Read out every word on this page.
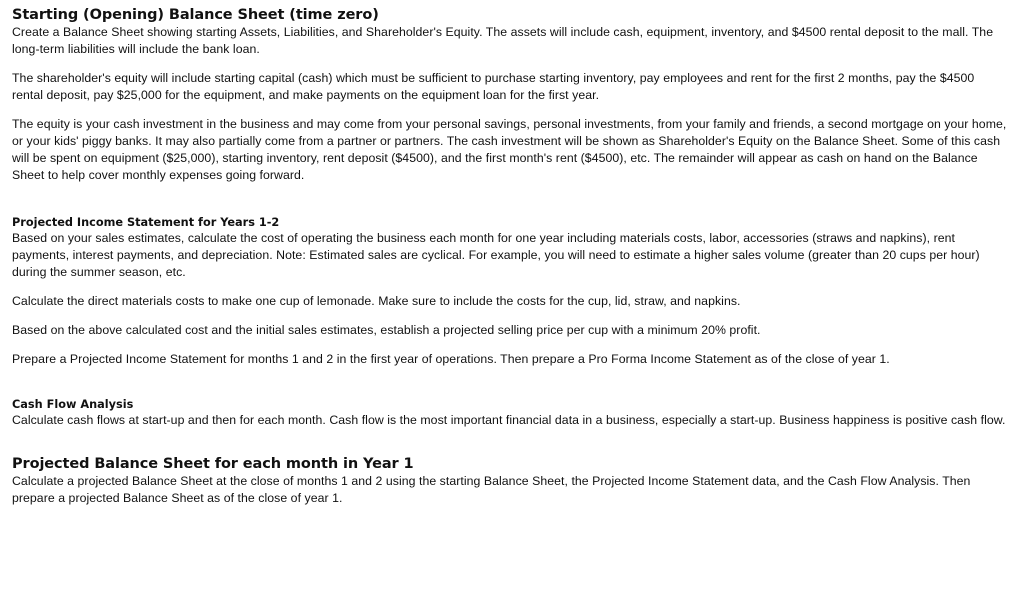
Starting (Opening) Balance Sheet (time zero)

Create a Balance Sheet showing starting Assets, Liabilities, and Shareholder's Equity. The assets will include cash, equipment, inventory, and $4500 rental deposit to the mall. The long-term liabilities will include the bank loan.

The shareholder's equity will include starting capital (cash) which must be sufficient to purchase starting inventory, pay employees and rent for the first 2 months, pay the $4500 rental deposit, pay $25,000 for the equipment, and make payments on the equipment loan for the first year.

The equity is your cash investment in the business and may come from your personal savings, personal investments, from your family and friends, a second mortgage on your home, or your kids' piggy banks. It may also partially come from a partner or partners. The cash investment will be shown as Shareholder's Equity on the Balance Sheet. Some of this cash will be spent on equipment ($25,000), starting inventory, rent deposit ($4500), and the first month's rent ($4500), etc. The remainder will appear as cash on hand on the Balance Sheet to help cover monthly expenses going forward.

Projected Income Statement for Years 1-2

Based on your sales estimates, calculate the cost of operating the business each month for one year including materials costs, labor, accessories (straws and napkins), rent payments, interest payments, and depreciation. Note: Estimated sales are cyclical. For example, you will need to estimate a higher sales volume (greater than 20 cups per hour) during the summer season, etc.

Calculate the direct materials costs to make one cup of lemonade. Make sure to include the costs for the cup, lid, straw, and napkins.

Based on the above calculated cost and the initial sales estimates, establish a projected selling price per cup with a minimum 20% profit.

Prepare a Projected Income Statement for months 1 and 2 in the first year of operations. Then prepare a Pro Forma Income Statement as of the close of year 1.

Cash Flow Analysis

Calculate cash flows at start-up and then for each month. Cash flow is the most important financial data in a business, especially a start-up. Business happiness is positive cash flow.

Projected Balance Sheet for each month in Year 1

Calculate a projected Balance Sheet at the close of months 1 and 2 using the starting Balance Sheet, the Projected Income Statement data, and the Cash Flow Analysis. Then prepare a projected Balance Sheet as of the close of year 1.
